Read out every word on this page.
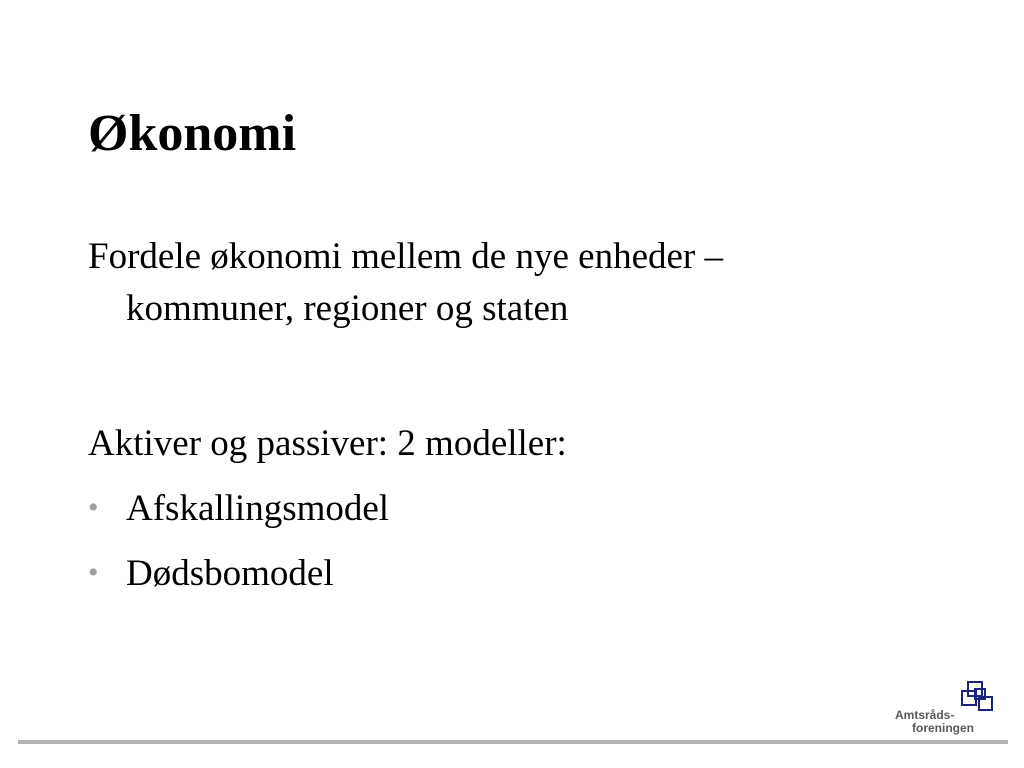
Økonomi

Fordele økonomi mellem de nye enheder –
kommuner, regioner og staten

Aktiver og passiver: 2 modeller:

• Afskallingsmodel
• Dødsbomodel
Amtsråds-
foreningen
